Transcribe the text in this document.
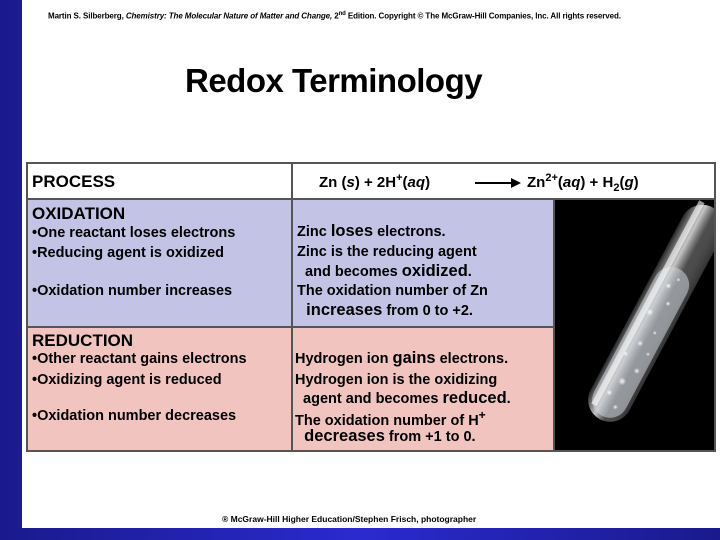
Martin S. Silberberg, Chemistry: The Molecular Nature of Matter and Change, 2nd Edition. Copyright © The McGraw-Hill Companies, Inc. All rights reserved.
Redox Terminology
PROCESS	Zn (s) + 2H+(aq)	→ $Zn^{2+}(aq) + H_2(g)$
OXIDATION
•One reactant loses electrons
•Reducing agent is oxidized
•Oxidation number increases
Zinc loses electrons.
Zinc is the reducing agent
and becomes oxidized.
The oxidation number of Zn
increases from 0 to +2.
REDUCTION
•Other reactant gains electrons
•Oxidizing agent is reduced
•Oxidation number decreases
Hydrogen ion gains electrons.
Hydrogen ion is the oxidizing
agent and becomes reduced.
The oxidation number of H+
decreases from +1 to 0.
® McGraw-Hill Higher Education/Stephen Frisch, photographer
